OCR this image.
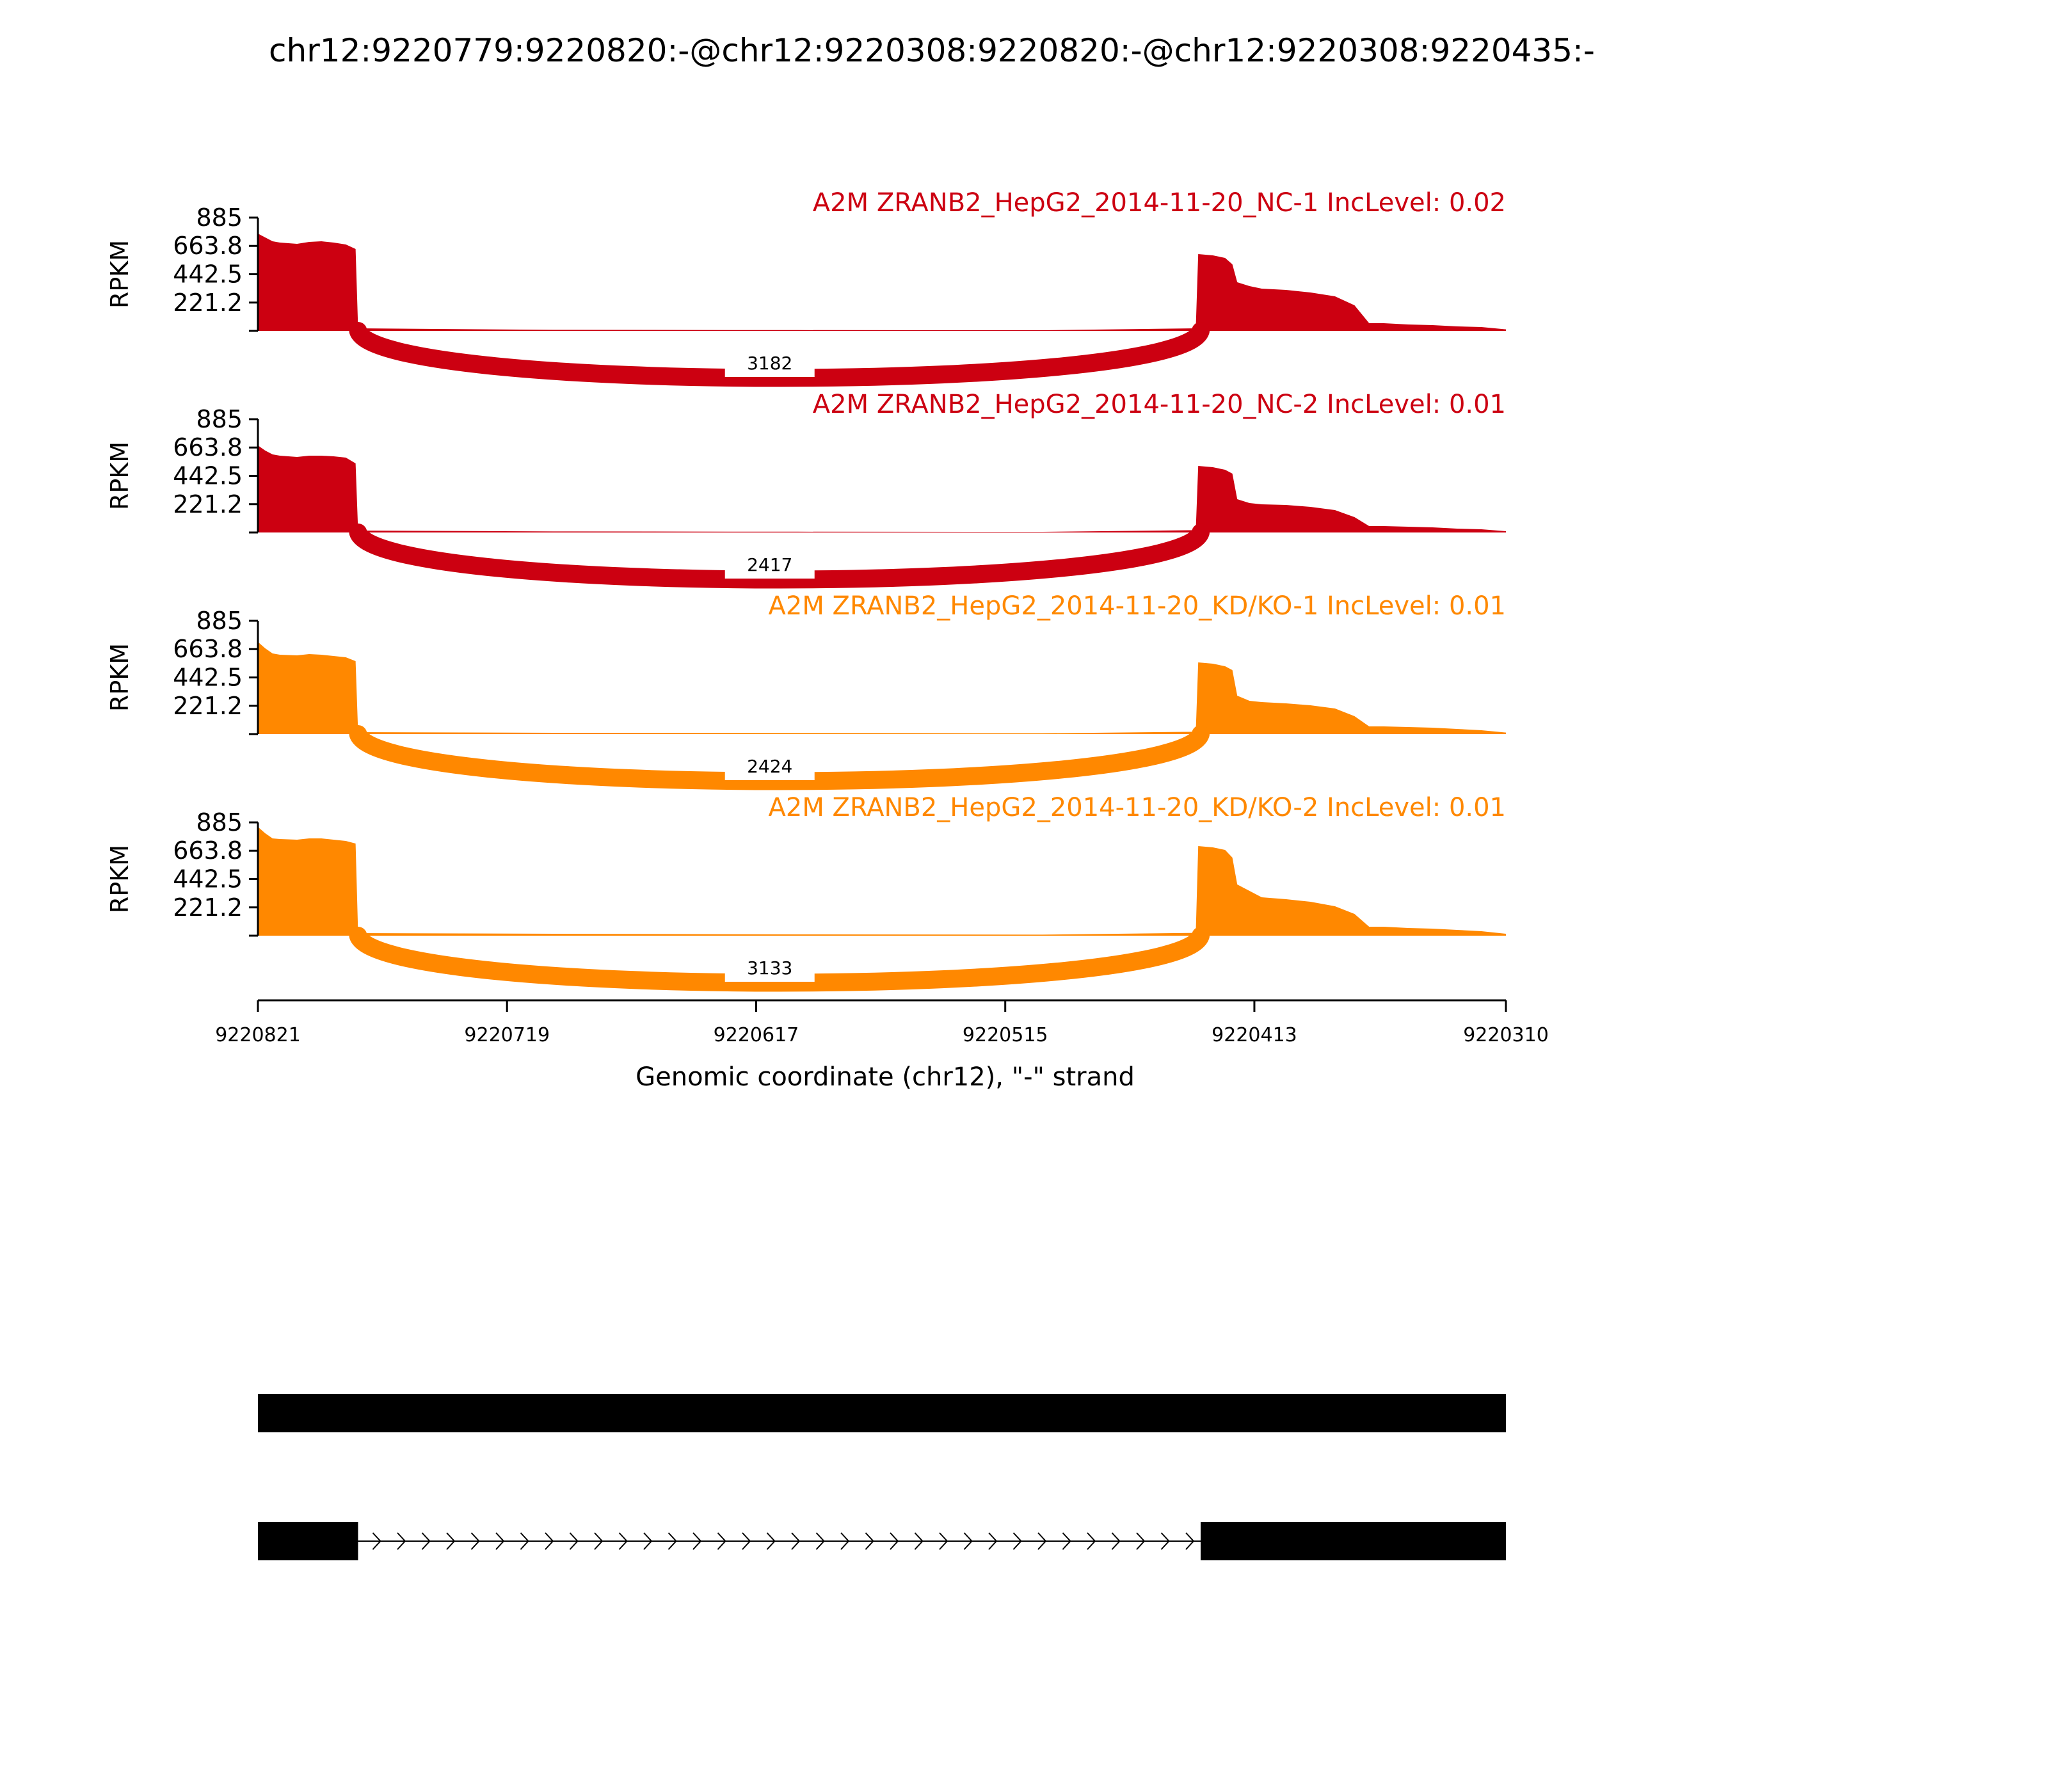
chr12:9220779:9220820:-@chr12:9220308:9220820:-@chr12:9220308:9220435:-
3182
885
663.8
442.5
221.2
RPKM
A2M ZRANB2_HepG2_2014-11-20_NC-1 IncLevel: 0.02
2417
885
663.8
442.5
221.2
RPKM
A2M ZRANB2_HepG2_2014-11-20_NC-2 IncLevel: 0.01
2424
885
663.8
442.5
221.2
RPKM
A2M ZRANB2_HepG2_2014-11-20_KD/KO-1 IncLevel: 0.01
3133
885
663.8
442.5
221.2
RPKM
A2M ZRANB2_HepG2_2014-11-20_KD/KO-2 IncLevel: 0.01
9220821	9220719	9220617	9220515	9220413	9220310
Genomic coordinate (chr12), "-" strand
